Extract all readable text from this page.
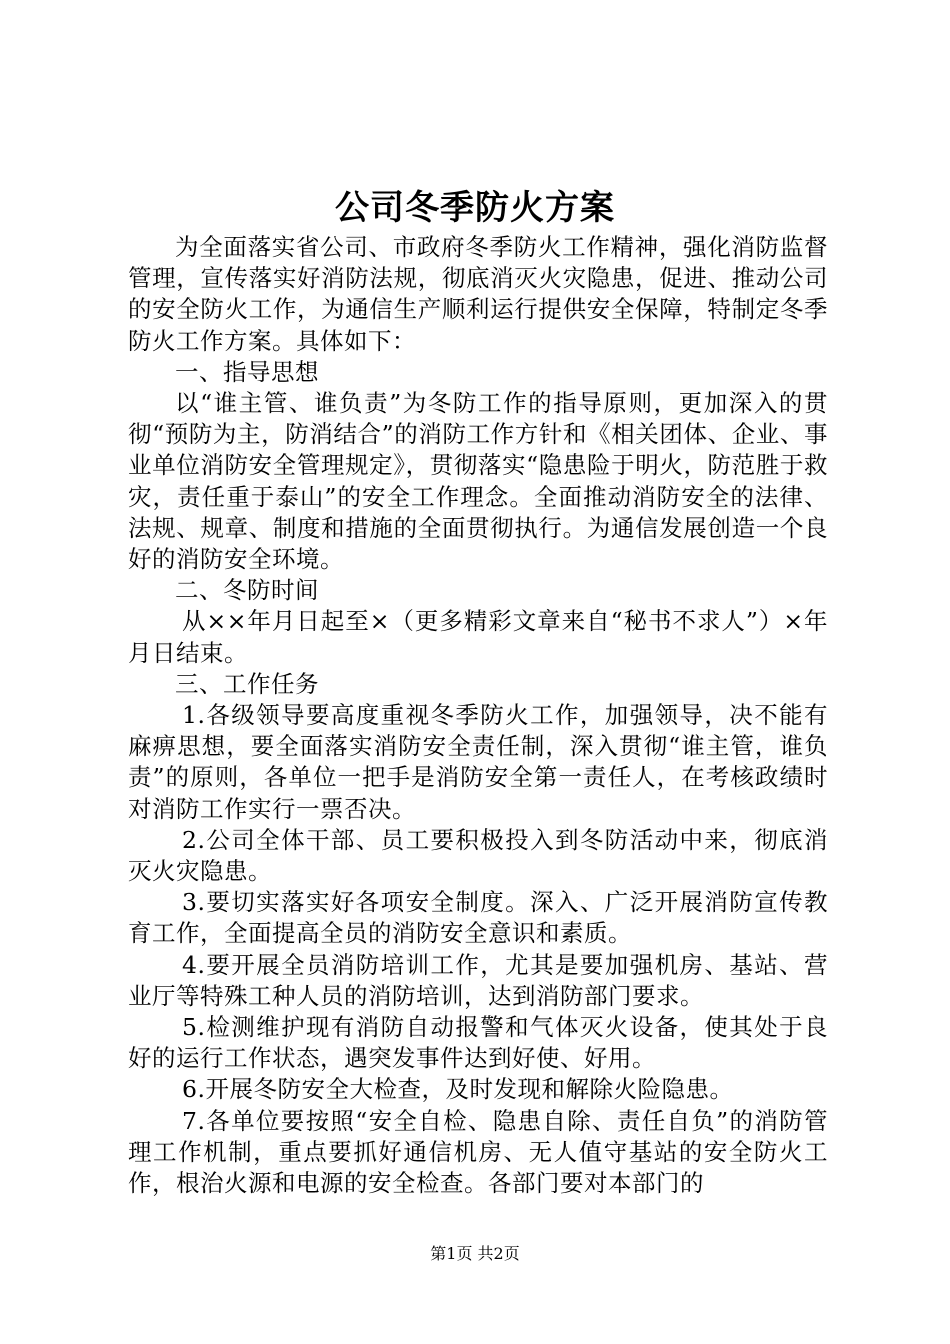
公司冬季防火方案

为全面落实省公司、市政府冬季防火工作精神，强化消防监督管理，宣传落实好消防法规，彻底消灭火灾隐患，促进、推动公司的安全防火工作，为通信生产顺利运行提供安全保障，特制定冬季防火工作方案。具体如下：

一、指导思想

以“谁主管、谁负责”为冬防工作的指导原则，更加深入的贯彻“预防为主，防消结合”的消防工作方针和《相关团体、企业、事业单位消防安全管理规定》，贯彻落实“隐患险于明火，防范胜于救灾，责任重于泰山”的安全工作理念。全面推动消防安全的法律、法规、规章、制度和措施的全面贯彻执行。为通信发展创造一个良好的消防安全环境。

二、冬防时间

从××年月日起至×（更多精彩文章来自“秘书不求人”）×年月日结束。

三、工作任务

1.各级领导要高度重视冬季防火工作，加强领导，决不能有麻痹思想，要全面落实消防安全责任制，深入贯彻“谁主管，谁负责”的原则，各单位一把手是消防安全第一责任人，在考核政绩时对消防工作实行一票否决。

2.公司全体干部、员工要积极投入到冬防活动中来，彻底消灭火灾隐患。

3.要切实落实好各项安全制度。深入、广泛开展消防宣传教育工作，全面提高全员的消防安全意识和素质。

4.要开展全员消防培训工作，尤其是要加强机房、基站、营业厅等特殊工种人员的消防培训，达到消防部门要求。

5.检测维护现有消防自动报警和气体灭火设备，使其处于良好的运行工作状态，遇突发事件达到好使、好用。

6.开展冬防安全大检查，及时发现和解除火险隐患。

7.各单位要按照“安全自检、隐患自除、责任自负”的消防管理工作机制，重点要抓好通信机房、无人值守基站的安全防火工作，根治火源和电源的安全检查。各部门要对本部门的

第1页 共2页
